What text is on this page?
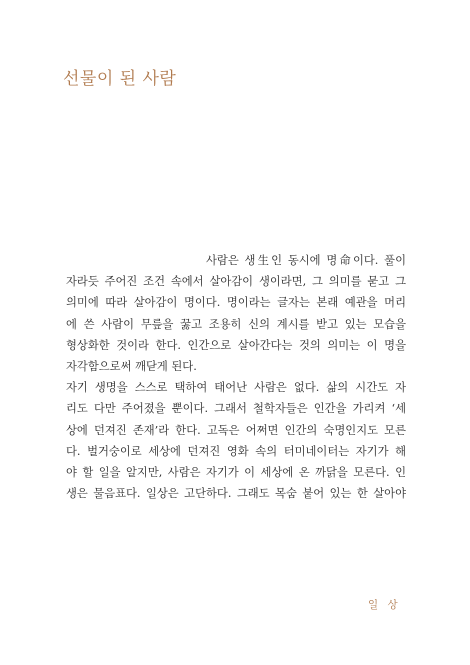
선물이 된 사람
사람은 생生인 동시에 명命이다. 풀이
자라듯 주어진 조건 속에서 살아감이 생이라면, 그 의미를 묻고 그
의미에 따라 살아감이 명이다. 명이라는 글자는 본래 예관을 머리
에 쓴 사람이 무릎을 꿇고 조용히 신의 계시를 받고 있는 모습을
형상화한 것이라 한다. 인간으로 살아간다는 것의 의미는 이 명을
자각함으로써 깨닫게 된다.
자기 생명을 스스로 택하여 태어난 사람은 없다. 삶의 시간도 자
리도 다만 주어졌을 뿐이다. 그래서 철학자들은 인간을 가리켜 ‘세
상에 던져진 존재’라 한다. 고독은 어쩌면 인간의 숙명인지도 모른
다. 벌거숭이로 세상에 던져진 영화 속의 터미네이터는 자기가 해
야 할 일을 알지만, 사람은 자기가 이 세상에 온 까닭을 모른다. 인
생은 물음표다. 일상은 고단하다. 그래도 목숨 붙어 있는 한 살아야
일 상
